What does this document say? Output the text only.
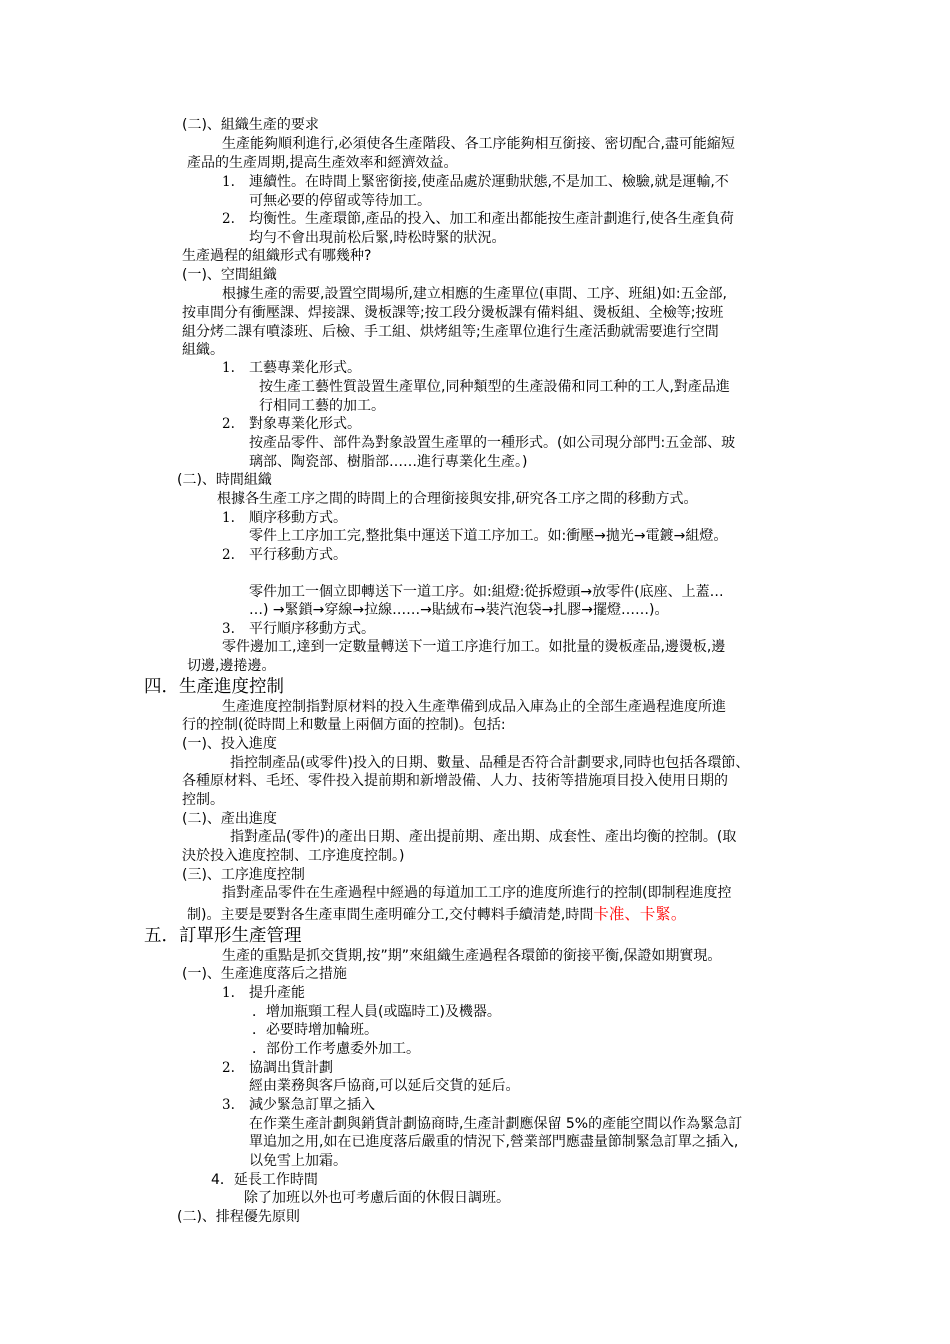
(二)、組織生產的要求
生產能夠順利進行,必須使各生產階段、各工序能夠相互銜接、密切配合,盡可能縮短
產品的生產周期,提高生產效率和經濟效益。
1. 連續性。在時間上緊密銜接,使產品處於運動狀態,不是加工、檢驗,就是運輸,不
可無必要的停留或等待加工。
2. 均衡性。生產環節,產品的投入、加工和產出都能按生產計劃進行,使各生產負荷
均勻不會出現前松后緊,時松時緊的狀況。
生產過程的組織形式有哪幾种?
(一)、空間組織
根據生產的需要,設置空間場所,建立相應的生產單位(車間、工序、班組)如:五金部,
按車間分有衝壓課、焊接課、燙板課等;按工段分燙板課有備料組、燙板組、全檢等;按班
組分烤二課有噴漆班、后檢、手工組、烘烤組等;生產單位進行生產活動就需要進行空間
組織。
1. 工藝專業化形式。
按生產工藝性質設置生產單位,同种類型的生產設備和同工种的工人,對產品進
行相同工藝的加工。
2. 對象專業化形式。
按產品零件、部件為對象設置生產單的一種形式。(如公司現分部門:五金部、玻
璃部、陶瓷部、樹脂部……進行專業化生產。)
(二)、時間組織
根據各生產工序之間的時間上的合理銜接與安排,研究各工序之間的移動方式。
1. 順序移動方式。
零件上工序加工完,整批集中運送下道工序加工。如:衝壓→拋光→電鍍→組燈。
2. 平行移動方式。
零件加工一個立即轉送下一道工序。如:組燈:從拆燈頭→放零件(底座、上蓋…
…) →緊鎖→穿線→拉線……→貼絨布→裝汽泡袋→扎膠→擺燈……)。
3. 平行順序移動方式。
零件邊加工,達到一定數量轉送下一道工序進行加工。如批量的燙板產品,邊燙板,邊
切邊,邊捲邊。
四．生產進度控制
生產進度控制指對原材料的投入生產準備到成品入庫為止的全部生產過程進度所進
行的控制(從時間上和數量上兩個方面的控制)。包括:
(一)、投入進度
指控制產品(或零件)投入的日期、數量、品種是否符合計劃要求,同時也包括各環節、
各種原材料、毛坯、零件投入提前期和新增設備、人力、技術等措施項目投入使用日期的
控制。
(二)、產出進度
指對產品(零件)的產出日期、產出提前期、產出期、成套性、產出均衡的控制。(取
決於投入進度控制、工序進度控制。)
(三)、工序進度控制
指對產品零件在生產過程中經過的每道加工工序的進度所進行的控制(即制程進度控
制)。主要是要對各生產車間生產明確分工,交付轉料手續清楚,時間卡准、卡緊。
五．訂單形生產管理
生產的重點是抓交貨期,按”期”來組織生產過程各環節的銜接平衡,保證如期實現。
(一)、生產進度落后之措施
1. 提升產能
．增加瓶頸工程人員(或臨時工)及機器。
．必要時增加輪班。
．部份工作考慮委外加工。
2. 協調出貨計劃
經由業務與客戶協商,可以延后交貨的延后。
3. 減少緊急訂單之插入
在作業生產計劃與銷貨計劃協商時,生產計劃應保留 5%的產能空間以作為緊急訂
單追加之用,如在已進度落后嚴重的情況下,營業部門應盡量節制緊急訂單之插入,
以免雪上加霜。
4．延長工作時間
除了加班以外也可考慮后面的休假日調班。
(二)、排程優先原則
